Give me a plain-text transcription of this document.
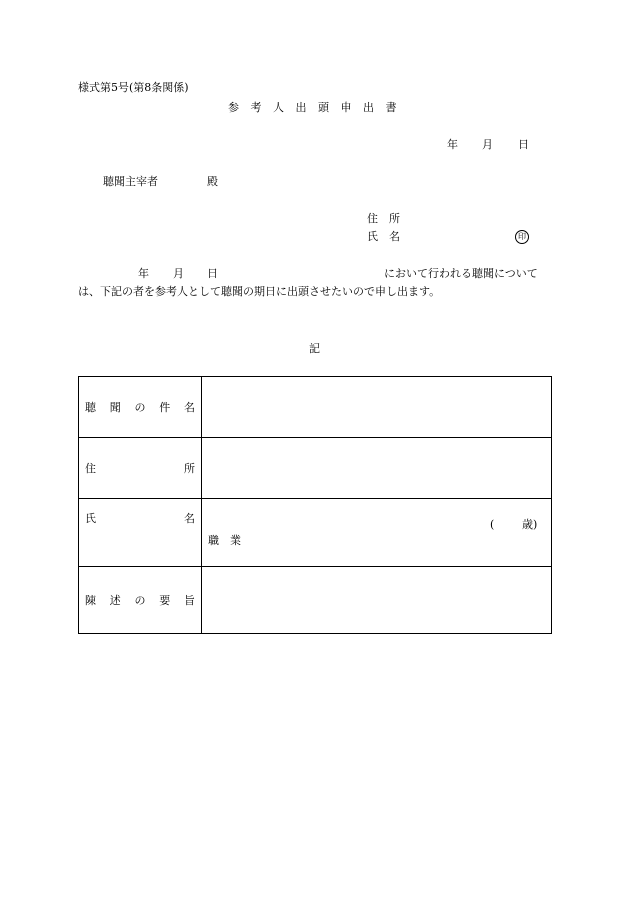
様式第5号(第8条関係)
参 考 人 出 頭 申 出 書
年 月 日
聴聞主宰者	殿
住　所
氏　名	印
年 月 日	において行われる聴聞について
は、下記の者を参考人として聴聞の期日に出頭させたいので申し出ます。
記
聴 聞 の 件 名	

住 所	

氏 名	( 歳)
職　業

陳 述 の 要 旨	
